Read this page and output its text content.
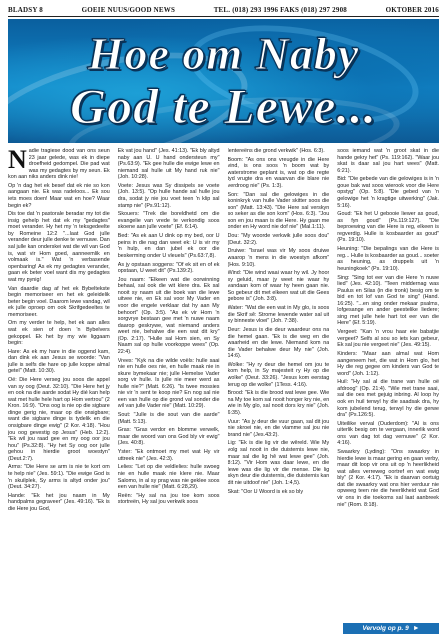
BLADSY 8	GOEIE NUUS/GOOD NEWS	TEL. (018) 293 1996 FAKS (018) 297 2908	OKTOBER 2016
Hoe om Naby
God te Lewe...

Nadie tragiese dood van ons seun 23 jaar gelede, was ek in diepe droefheid gedompel. Die pad wat was my gedagtes by my seun. Ek kon aan niks anders dink nie!

Op 'n dag het ek besef dat ek nie so kon aangaan nie. Ek was radeloos... Ek sou iets moes doen! Maar wat en hoe? Waar begin ek?

Dis toe dat 'n pastorale beradar my tot die insig gehelp het dat ek my "gedagtes" moet verander. Hy het my 'n teksgedeelte by Romeine 12:2 "...laat God julle verander deur julle denke te vernuwe. Dan sal julle kan onderskei wat die wil van God is, wat vir Hom goed, aanneemlik en volmaak is." Wat 'n verbasende openbaring! As ek my gedagtes verander, gaan ek beter voel want dis my gedagtes wat my pynig!

Van daardie dag af het ek Bybeltekste begin memoriseer en het ek geleidelik beter begin voel. Daarom lewe vandag, wil ek julle oproep om ook Skrifgedeeltes te memoriseer.

Om my verder te help, het ek aan alles wat ek sien of doen 'n Bybelvers gekoppel. Ek het by my wie liggaam begin:

Hare: As ek my hare in die oggend kam, dan dink ek aan Jesus se woorde: "Van julle is selfs die hare op julle koppe almal getel" (Matt. 10:30).

Oë: Die Here verseg jou soos die appel van sy oog (Deut. 32:10). "Die Here het jy en ook na die aarde sodat Hy dié kan help wat met hulle hele hart op Hom vertrou" (2 Kron. 16:9). "Ons oog is nie op die sigbare dinge gerig nie, maar op die onsigbare; want die sigbare dinge is tydelik en die onsigbare dinge ewig" (2 Kor. 4:18). "Hou jou oog gevestig op Jesus" (Heb. 12:2). "Ek wil jou raad gee en my oog oor jou hou" (Ps.32:8). "Hy het Sy oog oor julle gehou in hierdie groot woestyn" (Deut.2:7).

Arms: "Die Here se arm is nie te kort om te help nie" (Jes. 59:1). "Die ewige God is 'n skuilplek, Sy arms is altyd onder jou" (Deut. 34:27).

Hande: "Ek het jou naam in My handpalms gegraveer" (Jes. 49:16). "Ek is die Here jou God,

Ek vat jou hand" (Jes. 41:13). "Ek bly altyd naby aan U. U hand ondersteun my" (Ps.63:9). "Ek gee hulle die ewige lewe en niemand sal hulle uit My hand ruk nie" (Joh. 10:28).

Voete: Jesus was Sy dissipels se voete (Joh. 13:5). "Op hulle hande sal hulle jou dra, sodat jy nie jou voet teen 'n klip sal stamp nie" (Ps.91:12).

Skouers: "Trek die boreldhetd om die evangelie van vrede te verkondig soos skoene aan julle voete" (Ef. 6:14).

Bed: "As ek aan U dink op my bed, oor U peins in die nag dan weet ek: U is vir my 'n hulp, en dan jubel ek oor die beskerming onder U vleuels" (Ps.63:7,8).

As jy opstaan soggens: "Of ek sit en of ek opstaan, U weet dit" (Ps.139:2).

Jou naam: "Elkeen wat die oorwinning behaal, sal ook die wit klere dra. Ek sal nooit sy naam uit die boek van die lewe uitvee nie, en Ek sal voor My Vader en voor die engele verklaar dat hy aan My behoort" (Op. 3:5). "As ek vir Hom 'n sorgvrye bestaan gee met 'n nuwe naam daarop geskrywe, wat niemand anders weet nie, behalwe die een wat dit kry" (Op. 2:17). "Hulle sal Hom sien, en Sy Naam sal op hulle voorkoppe wees" (Op. 22:4).

Vrees: "Kyk na die wilde voëls: hulle saai nie en hulle oes nie, en hulle maak nie in skure bymekaar nie; julle Hemelse Vader sorg vir hulle. Is julle nie meer werd as hulle nie?" (Matt. 6:26). "Is twee mossies nie vir 'n sent te koop nie? En nog sal nie een van hulle op die grond val sonder die wil van julle Vader nie" (Matt. 10:29).

Sout: "Julle is die sout van die aarde" (Matt. 5:13).

Gras: "Gras verdor en blomme verwelk, maar die woord van ons God bly vir ewig" (Jes. 40:8).

Yster: "Ek ontmoet my met wat Hy vir uttreek nie" (Jes. 42:3).

Lelies: "Let op die veldlelies: hulle swoeg nie en hulle maak nie klere nie. Maar Salomo, in al sy prag was nie geklee soos een van hulle nie" (Matt. 6:28,29).

Reën: "Hy sal na jou toe kom soos stortreën, Hy sal jou verkwik soos

lentereëns die grond verkwik" (Hos. 6:3).

Boom: "As ons ons vreugde in die Here vind, is ons soos 'n boom wat by waterstrome geplant is, wat op die regte tyd vrugte dra en waarvan die blare nie verdroog nie" (Ps. 1:3).

Son: "Dan sal die gelowiges in die koninkryk van hulle Vader skitter soos die son" (Matt. 13:43). "Die Here sal verskyn so seker as die son kom" (Hos. 6:3). "Jou son en jou maan is die Here. Hy gaan me onder en Hy word nie dof nie" (Mal.1:11).

Dou: "My woorde verkwik julle soos dou" (Deut. 32:2).

Druiwe: "Israel was vir My soos druiwe waarop 'n mens in die woestyn afkom" (Hos. 9:10).

Wind: "Die wind waai waar hy wil. Jy hoor sy geluid, maar jy weet nie waar hy vandaan kom of waar hy heen gaan nie. So gebeur dit met elkeen wat uit die Gees gebore is" (Joh. 3:8).

Water: "Wat die een wat in My glo, is soos die Skrif sê: Strome lewende water sal uit sy binneste vloei" (Joh. 7:38).

Deur: Jesus is die deur waardeur ons na die hemel gaan. "Ek is die weg en die waarheid en die lewe. Niemand kom na die Vader behalwe deur My nie" (Joh. 14:6).

Wolke: "Hy ry deur die hemel om jou te kom help, in Sy majesteit ry Hy op die wolke" (Deut. 33:26). "Jesus kom eerstag terug op die wolke" (1Tess. 4:16).

Brood: "Ek is die brood wat lewe gee. Wie na My toe kom sal nooit honger kry nie, en wie in My glo, sal nooit dors kry nie" (Joh. 6:35).

Vuur: "As jy deur die vuur gaan, sal dit jou nie skroei nie, en die vlamme sal jou nie brand nie" (Jes.43:2).

Lig: "Ek is die lig vir die wêreld. Wie My volg sal nooit in die duisternis lewe nie, maar sal die lig hê wat lewe gee" (Joh. 8:12). "Vir Hom was daar lewe, en die lewe was die lig vir die mense. Die lig skyn deur die duisternis, die duisternis kan dit nie uitdoof nie" (Joh. 1:4,5).

Skat: "Oor U Woord is ek so bly

soos iemand wat 'n groot skat in die hande gekry het" (Ps. 119:162). "Waar jou skat is daar sal jou hart wees" (Matt. 6:21).

Bid: "Die gebede van die gelowiges is in 'n goue bak wat soos wierook voor die Here opstyg" (Op. 5:8). "Die gebed van 'n gelowige het 'n kragtige uitwerking" (Jak. 5:16).

Goud: "Ek het U gebooie liewer as goud, as fyn goud" (Ps.119:127). "Die beproewing van die Here is reg, elkeen is regverdig. Hulle is kosbaarder as goud" (Ps. 19:10).

Heuning: "Die bepalings van die Here is reg... Hulle is kosbaarder as goud... soeter as heuning, as druppels uit 'n heuningkoek" (Ps. 19:10).

Sing: "Sing tot eer van die Here 'n nuwe lied" (Jes. 42:10). "Teen middernag was Paulus en Silas (in die tronk) besig om te bid en tot lof van God te sing" (Hand. 16:25). "...en sing onder mekaar psalms, lofgesange en ander geestelike liedere; sing met julle hele hart tot eer van die Here" (Ef. 5:19).

Vergeet: "Kan 'n vrou haar eie babatjie vergeet? Selfs al sou so iets kan gebeur, Ek sal jou nie vergeet nie" (Jes. 49:15).

Kinders: "Maar aan almal wat Hom aangeneem het, die wat in Hom glo, het Hy die reg gegee om kinders van God te word" (Joh. 1:12).

Huil: "Hy sal al die trane van hulle oë afdroog" (Op. 21:4). "Wie met trane saai, sal die oes met gejuig inbring. Al loop hy ook en huil terwyl hy die saadsak dra, hy kom jubelend terug, terwyl hy die gerwe dra" (Ps.126:5).

Uiteilike verval (Ouderdom): "Al is ons uiterlik besig om te vergaan, innerlik word ons van dag tot dag vernuwe" (2 Kor. 4:16).

Swaarkry (Lyding): "Ons swaarkry in hierdie lewe is maar gering en gaan verby, maar dit loop vir ons uit op 'n heerlikheid wat alles verreweg oortref en wat ewig bly" (2 Kor. 4:17). "Ek is daarvan oortuig dat die swaarkry wat ons hier verduur nie opweeg teen nie die heerlikheid wat God vir ons in die toekoms sal laat aanbreek nie" (Rom. 8:18).

Vervolg op p. 9 ►
